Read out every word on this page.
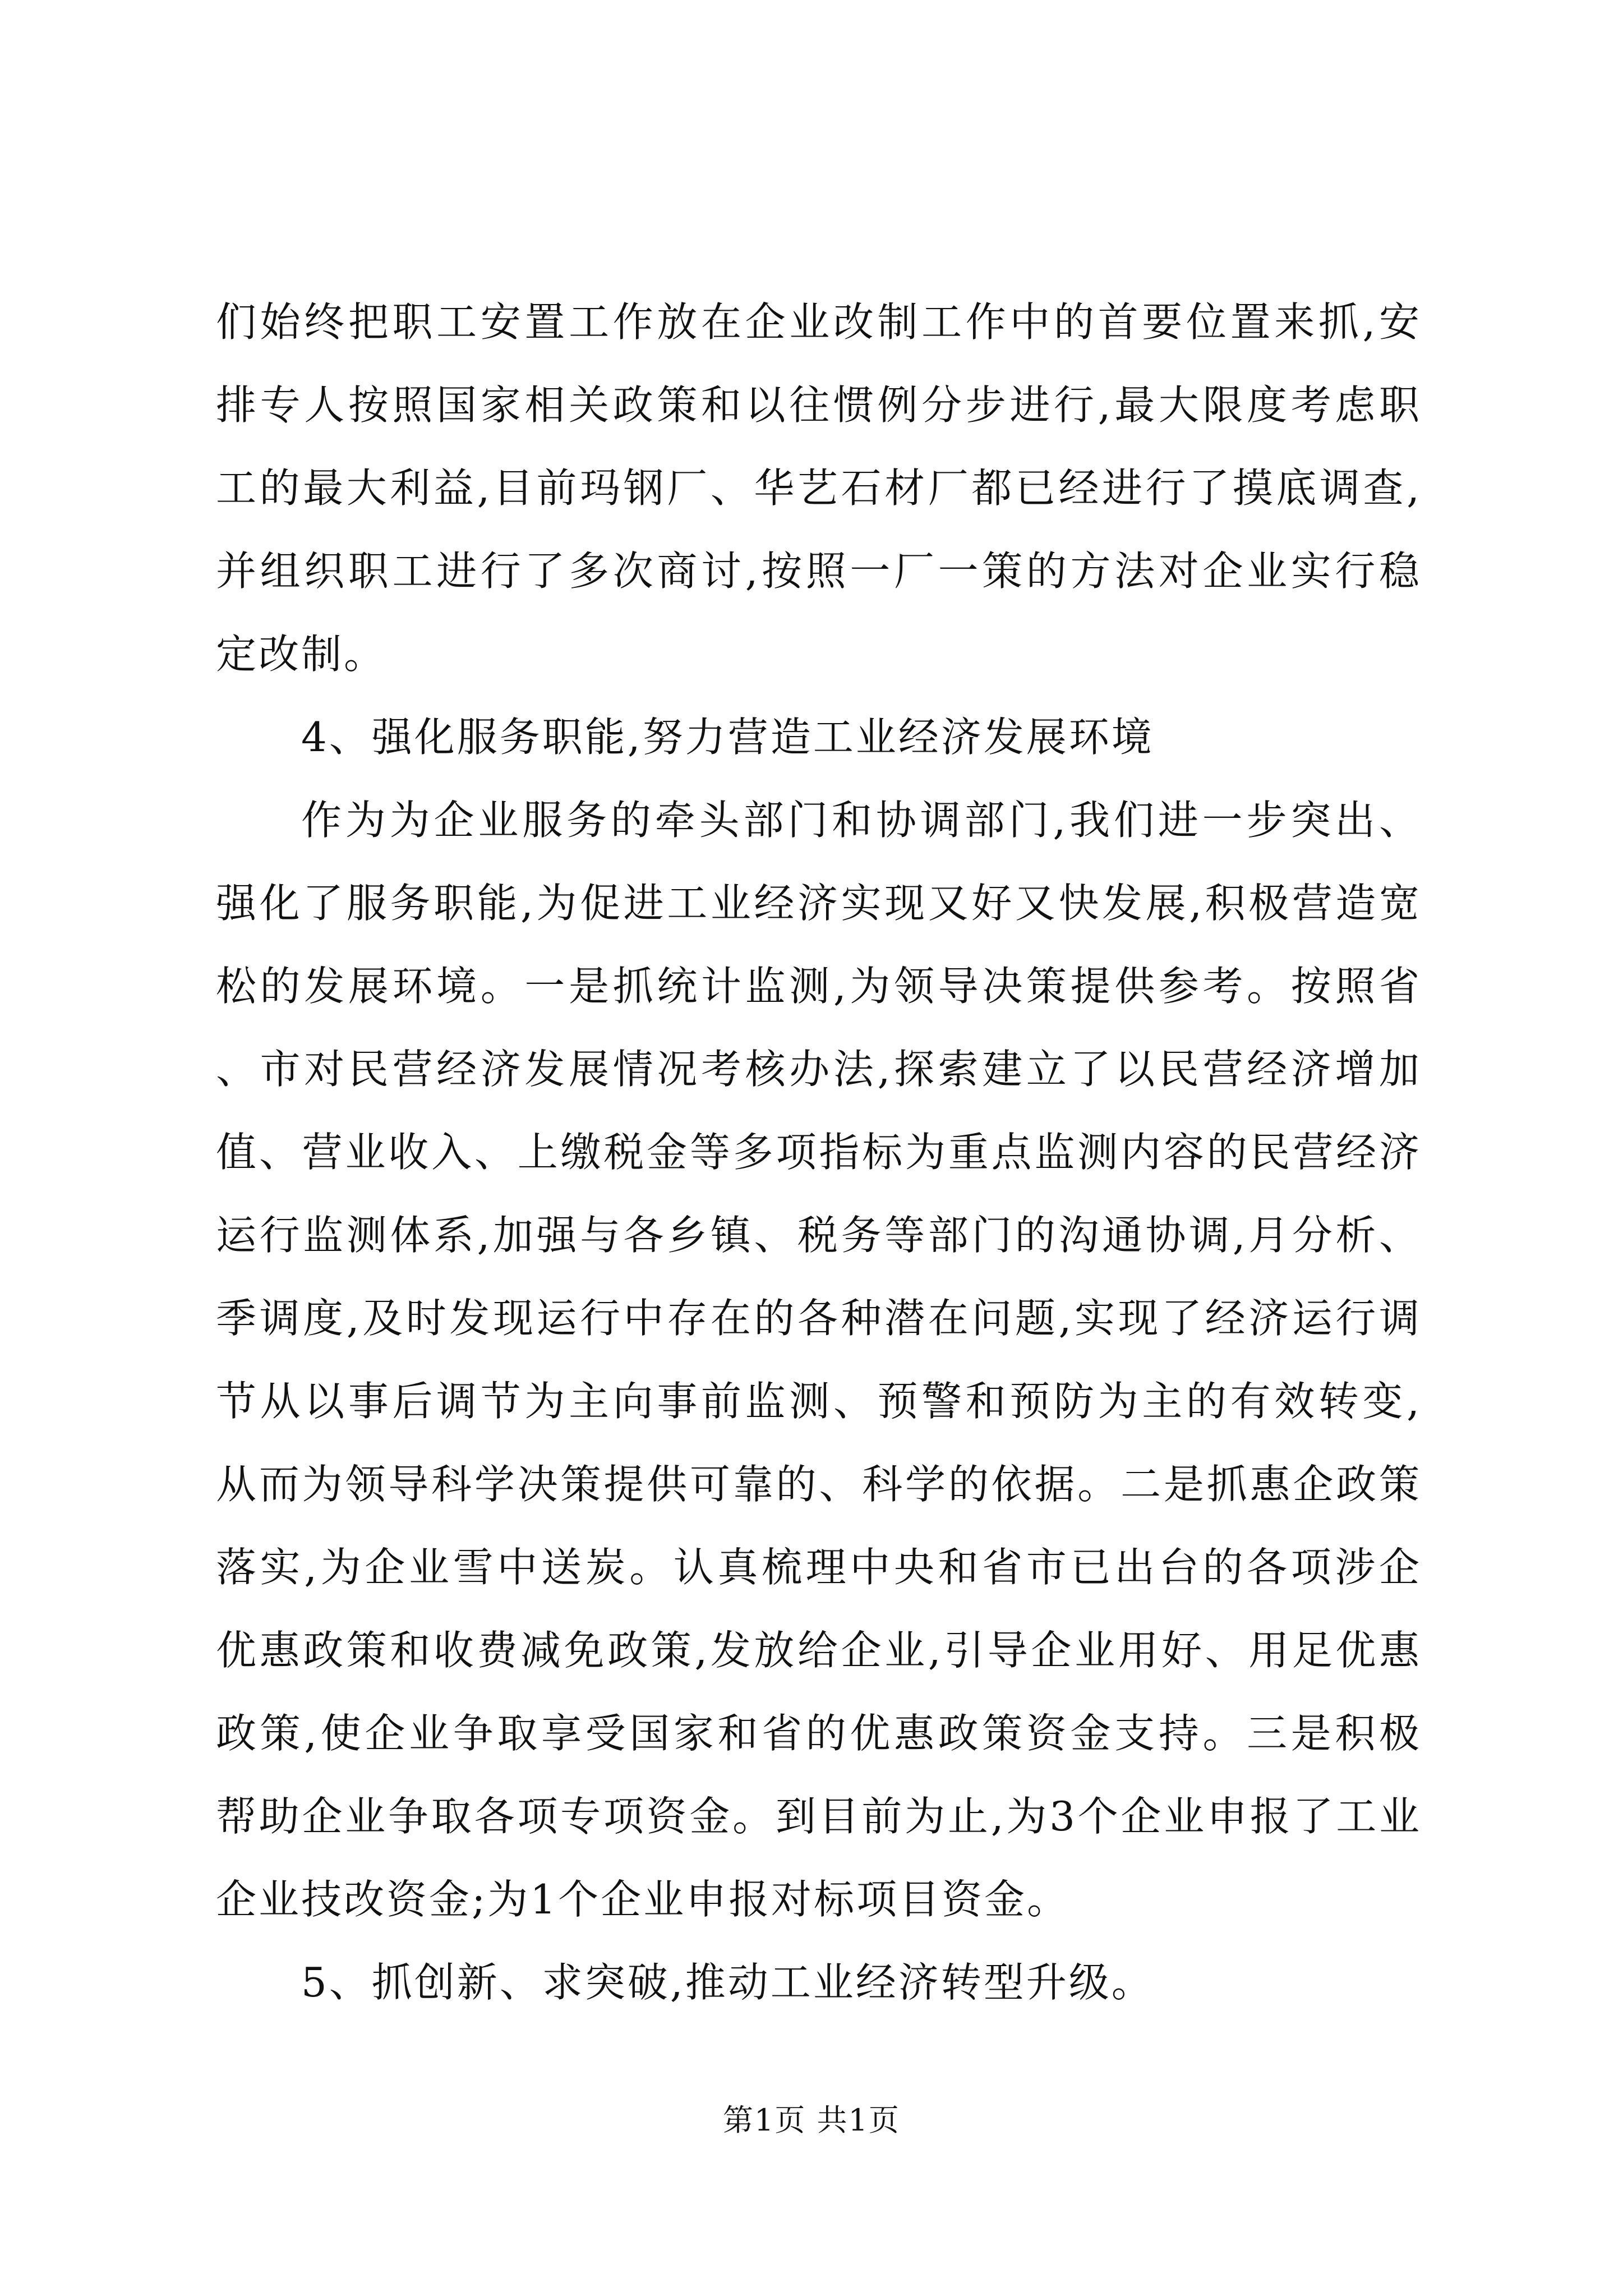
们始终把职工安置工作放在企业改制工作中的首要位置来抓,安排专人按照国家相关政策和以往惯例分步进行,最大限度考虑职工的最大利益,目前玛钢厂、华艺石材厂都已经进行了摸底调查,并组织职工进行了多次商讨,按照一厂一策的方法对企业实行稳定改制。

4、强化服务职能,努力营造工业经济发展环境

作为为企业服务的牵头部门和协调部门,我们进一步突出、强化了服务职能,为促进工业经济实现又好又快发展,积极营造宽松的发展环境。一是抓统计监测,为领导决策提供参考。按照省、市对民营经济发展情况考核办法,探索建立了以民营经济增加值、营业收入、上缴税金等多项指标为重点监测内容的民营经济运行监测体系,加强与各乡镇、税务等部门的沟通协调,月分析、季调度,及时发现运行中存在的各种潜在问题,实现了经济运行调节从以事后调节为主向事前监测、预警和预防为主的有效转变,从而为领导科学决策提供可靠的、科学的依据。二是抓惠企政策落实,为企业雪中送炭。认真梳理中央和省市已出台的各项涉企优惠政策和收费减免政策,发放给企业,引导企业用好、用足优惠政策,使企业争取享受国家和省的优惠政策资金支持。三是积极帮助企业争取各项专项资金。到目前为止,为3个企业申报了工业企业技改资金;为1个企业申报对标项目资金。

5、抓创新、求突破,推动工业经济转型升级。

第1页 共1页
